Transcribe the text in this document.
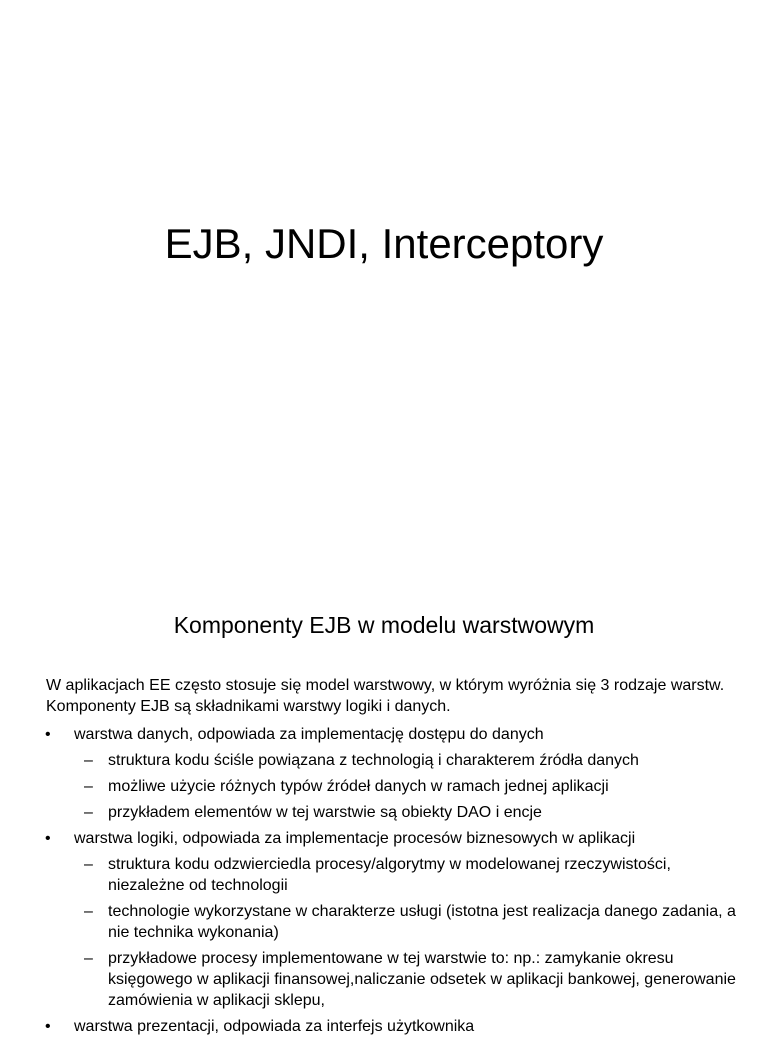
EJB, JNDI, Interceptory
Komponenty EJB w modelu warstwowym
W aplikacjach EE często stosuje się model warstwowy, w którym wyróżnia się 3 rodzaje warstw. Komponenty EJB są składnikami warstwy logiki i danych.
• warstwa danych, odpowiada za implementację dostępu do danych
– struktura kodu ściśle powiązana z technologią i charakterem źródła danych
– możliwe użycie różnych typów źródeł danych w ramach jednej aplikacji
– przykładem elementów w tej warstwie są obiekty DAO i encje
• warstwa logiki, odpowiada za implementacje procesów biznesowych w aplikacji
– struktura kodu odzwierciedla procesy/algorytmy w modelowanej rzeczywistości, niezależne od technologii
– technologie wykorzystane w charakterze usługi (istotna jest realizacja danego zadania, a nie technika wykonania)
– przykładowe procesy implementowane w tej warstwie to: np.: zamykanie okresu księgowego w aplikacji finansowej,naliczanie odsetek w aplikacji bankowej, generowanie zamówienia w aplikacji sklepu,
• warstwa prezentacji, odpowiada za interfejs użytkownika
